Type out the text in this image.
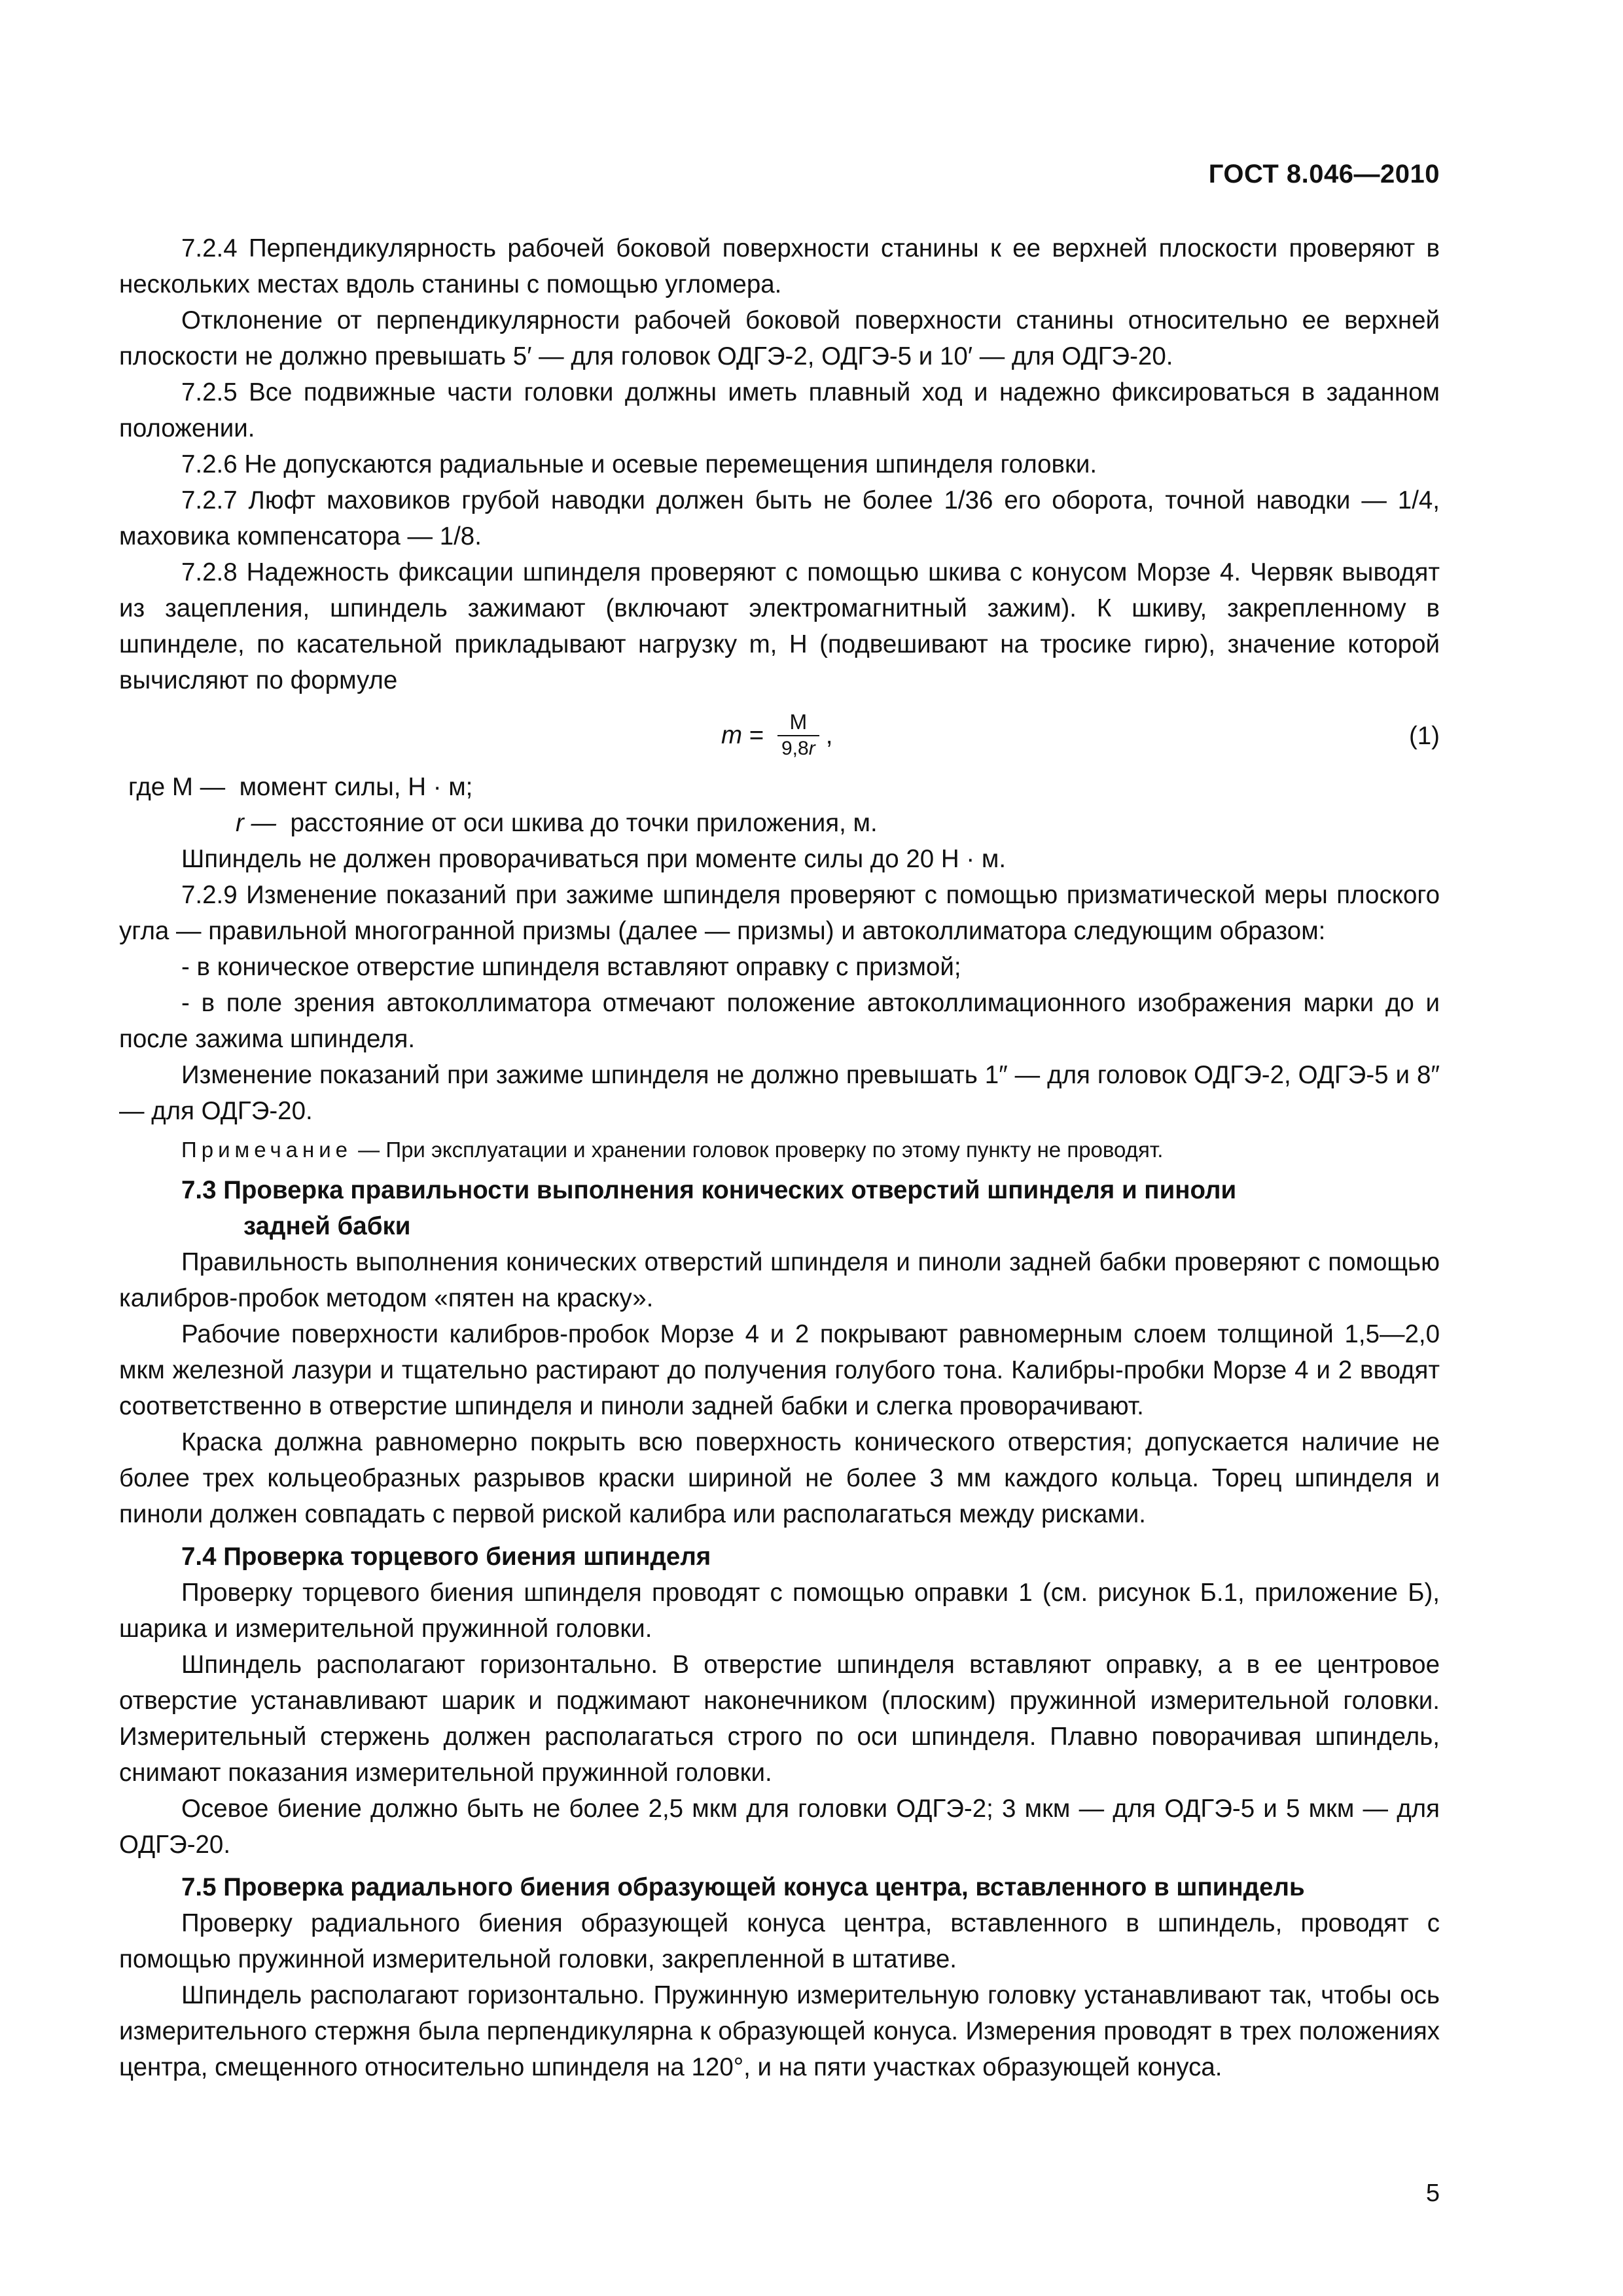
ГОСТ 8.046—2010

7.2.4 Перпендикулярность рабочей боковой поверхности станины к ее верхней плоскости проверяют в нескольких местах вдоль станины с помощью угломера.

Отклонение от перпендикулярности рабочей боковой поверхности станины относительно ее верхней плоскости не должно превышать 5′ — для головок ОДГЭ-2, ОДГЭ-5 и 10′ — для ОДГЭ-20.

7.2.5 Все подвижные части головки должны иметь плавный ход и надежно фиксироваться в заданном положении.

7.2.6 Не допускаются радиальные и осевые перемещения шпинделя головки.

7.2.7 Люфт маховиков грубой наводки должен быть не более 1/36 его оборота, точной наводки — 1/4, маховика компенсатора — 1/8.

7.2.8 Надежность фиксации шпинделя проверяют с помощью шкива с конусом Морзе 4. Червяк выводят из зацепления, шпиндель зажимают (включают электромагнитный зажим). К шкиву, закрепленному в шпинделе, по касательной прикладывают нагрузку m, Н (подвешивают на тросике гирю), значение которой вычисляют по формуле

$m = \frac{M}{9,8r}$ ,	(1)

где M — момент силы, Н · м;

r — расстояние от оси шкива до точки приложения, м.

Шпиндель не должен проворачиваться при моменте силы до 20 Н · м.

7.2.9 Изменение показаний при зажиме шпинделя проверяют с помощью призматической меры плоского угла — правильной многогранной призмы (далее — призмы) и автоколлиматора следующим образом:

- в коническое отверстие шпинделя вставляют оправку с призмой;

- в поле зрения автоколлиматора отмечают положение автоколлимационного изображения марки до и после зажима шпинделя.

Изменение показаний при зажиме шпинделя не должно превышать 1″ — для головок ОДГЭ-2, ОДГЭ-5 и 8″ — для ОДГЭ-20.

Примечание — При эксплуатации и хранении головок проверку по этому пункту не проводят.

7.3 Проверка правильности выполнения конических отверстий шпинделя и пиноли
задней бабки

Правильность выполнения конических отверстий шпинделя и пиноли задней бабки проверяют с помощью калибров-пробок методом «пятен на краску».

Рабочие поверхности калибров-пробок Морзе 4 и 2 покрывают равномерным слоем толщиной 1,5—2,0 мкм железной лазури и тщательно растирают до получения голубого тона. Калибры-пробки Морзе 4 и 2 вводят соответственно в отверстие шпинделя и пиноли задней бабки и слегка проворачивают.

Краска должна равномерно покрыть всю поверхность конического отверстия; допускается наличие не более трех кольцеобразных разрывов краски шириной не более 3 мм каждого кольца. Торец шпинделя и пиноли должен совпадать с первой риской калибра или располагаться между рисками.

7.4 Проверка торцевого биения шпинделя

Проверку торцевого биения шпинделя проводят с помощью оправки 1 (см. рисунок Б.1, приложение Б), шарика и измерительной пружинной головки.

Шпиндель располагают горизонтально. В отверстие шпинделя вставляют оправку, а в ее центровое отверстие устанавливают шарик и поджимают наконечником (плоским) пружинной измерительной головки. Измерительный стержень должен располагаться строго по оси шпинделя. Плавно поворачивая шпиндель, снимают показания измерительной пружинной головки.

Осевое биение должно быть не более 2,5 мкм для головки ОДГЭ-2; 3 мкм — для ОДГЭ-5 и 5 мкм — для ОДГЭ-20.

7.5 Проверка радиального биения образующей конуса центра, вставленного в шпиндель

Проверку радиального биения образующей конуса центра, вставленного в шпиндель, проводят с помощью пружинной измерительной головки, закрепленной в штативе.

Шпиндель располагают горизонтально. Пружинную измерительную головку устанавливают так, чтобы ось измерительного стержня была перпендикулярна к образующей конуса. Измерения проводят в трех положениях центра, смещенного относительно шпинделя на 120°, и на пяти участках образующей конуса.

5
